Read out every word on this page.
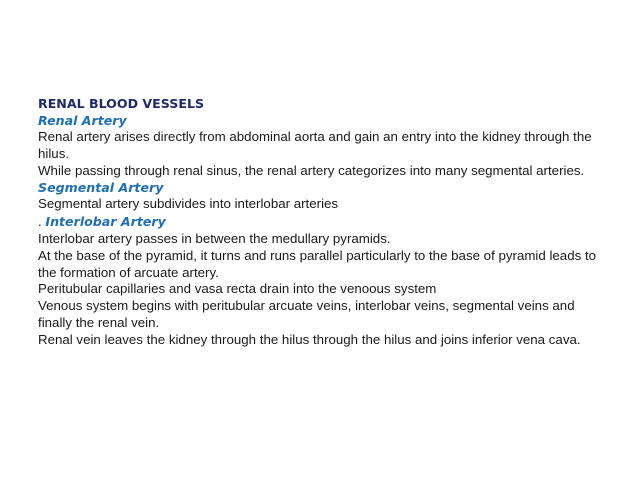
RENAL BLOOD VESSELS
Renal Artery

Renal artery arises directly from abdominal aorta and gain an entry into the kidney through the hilus.

While passing through renal sinus, the renal artery categorizes into many segmental arteries.

Segmental Artery

Segmental artery subdivides into interlobar arteries

. Interlobar Artery

Interlobar artery passes in between the medullary pyramids.

At the base of the pyramid, it turns and runs parallel particularly to the base of pyramid leads to the formation of arcuate artery.

Peritubular capillaries and vasa recta drain into the venoous system

Venous system begins with peritubular arcuate veins, interlobar veins, segmental veins and finally the renal vein.

Renal vein leaves the kidney through the hilus through the hilus and joins inferior vena cava.
